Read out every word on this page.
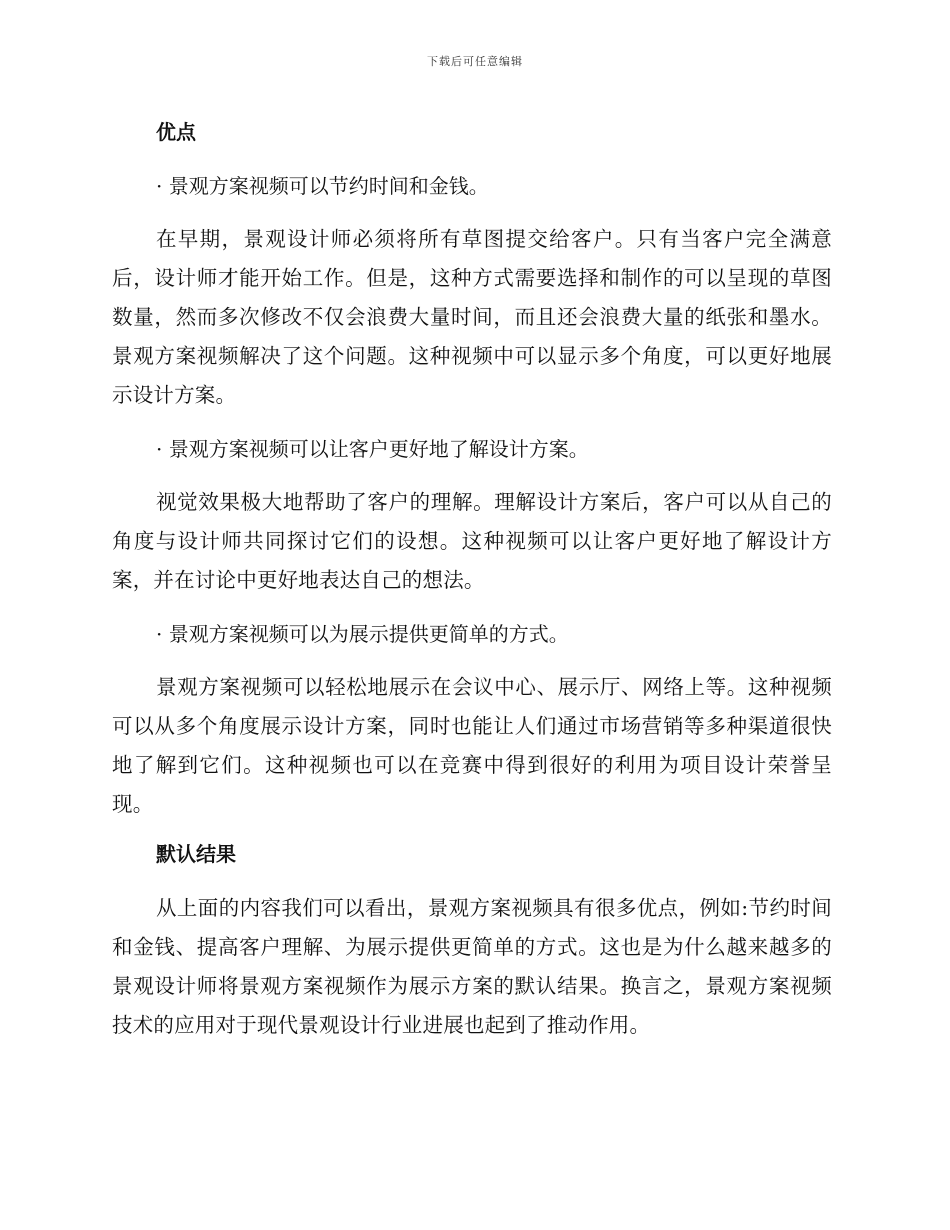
下载后可任意编辑
优点
· 景观方案视频可以节约时间和金钱。

在早期，景观设计师必须将所有草图提交给客户。只有当客户完全满意后，设计师才能开始工作。但是，这种方式需要选择和制作的可以呈现的草图数量，然而多次修改不仅会浪费大量时间，而且还会浪费大量的纸张和墨水。景观方案视频解决了这个问题。这种视频中可以显示多个角度，可以更好地展示设计方案。

· 景观方案视频可以让客户更好地了解设计方案。

视觉效果极大地帮助了客户的理解。理解设计方案后，客户可以从自己的角度与设计师共同探讨它们的设想。这种视频可以让客户更好地了解设计方案，并在讨论中更好地表达自己的想法。

· 景观方案视频可以为展示提供更简单的方式。

景观方案视频可以轻松地展示在会议中心、展示厅、网络上等。这种视频可以从多个角度展示设计方案，同时也能让人们通过市场营销等多种渠道很快地了解到它们。这种视频也可以在竞赛中得到很好的利用为项目设计荣誉呈现。

默认结果

从上面的内容我们可以看出，景观方案视频具有很多优点，例如:节约时间和金钱、提高客户理解、为展示提供更简单的方式。这也是为什么越来越多的景观设计师将景观方案视频作为展示方案的默认结果。换言之，景观方案视频技术的应用对于现代景观设计行业进展也起到了推动作用。
